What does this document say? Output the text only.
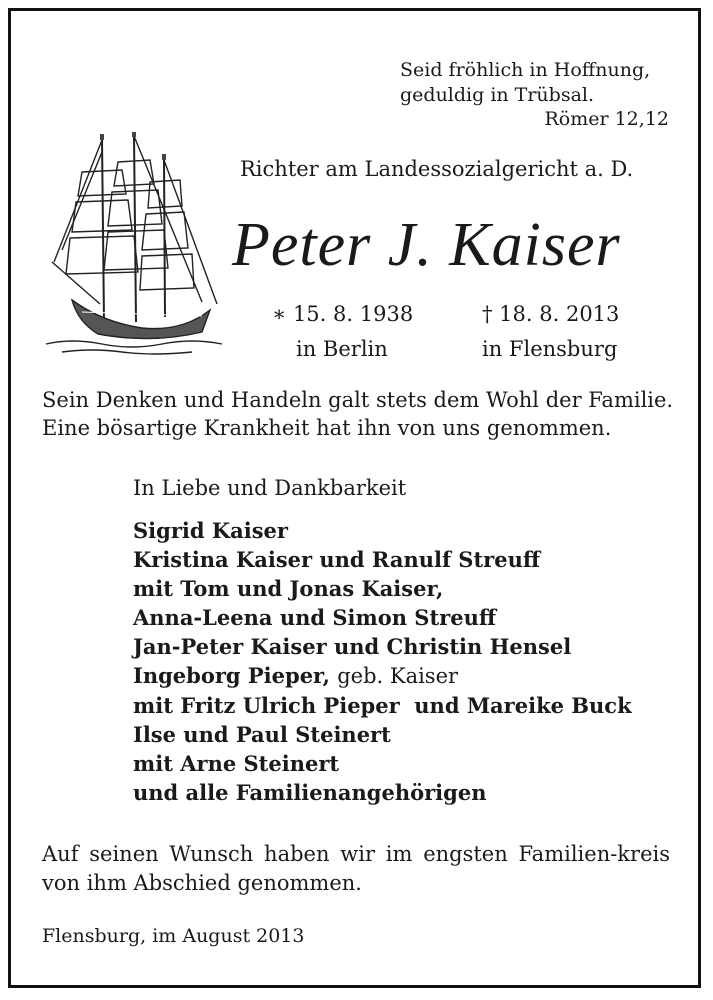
Seid fröhlich in Hoffnung,
geduldig in Trübsal.
Römer 12,12
Richter am Landessozialgericht a. D.
Peter J. Kaiser
∗ 15. 8. 1938
in Berlin
† 18. 8. 2013
in Flensburg
Sein Denken und Handeln galt stets dem Wohl der Familie.
Eine bösartige Krankheit hat ihn von uns genommen.
In Liebe und Dankbarkeit
Sigrid Kaiser
Kristina Kaiser und Ranulf Streuff
mit Tom und Jonas Kaiser,
Anna-Leena und Simon Streuff
Jan-Peter Kaiser und Christin Hensel
Ingeborg Pieper, geb. Kaiser
mit Fritz Ulrich Pieper  und Mareike Buck
Ilse und Paul Steinert
mit Arne Steinert
und alle Familienangehörigen
Auf seinen Wunsch haben wir im engsten Familien-kreis von ihm Abschied genommen.
Flensburg, im August 2013
